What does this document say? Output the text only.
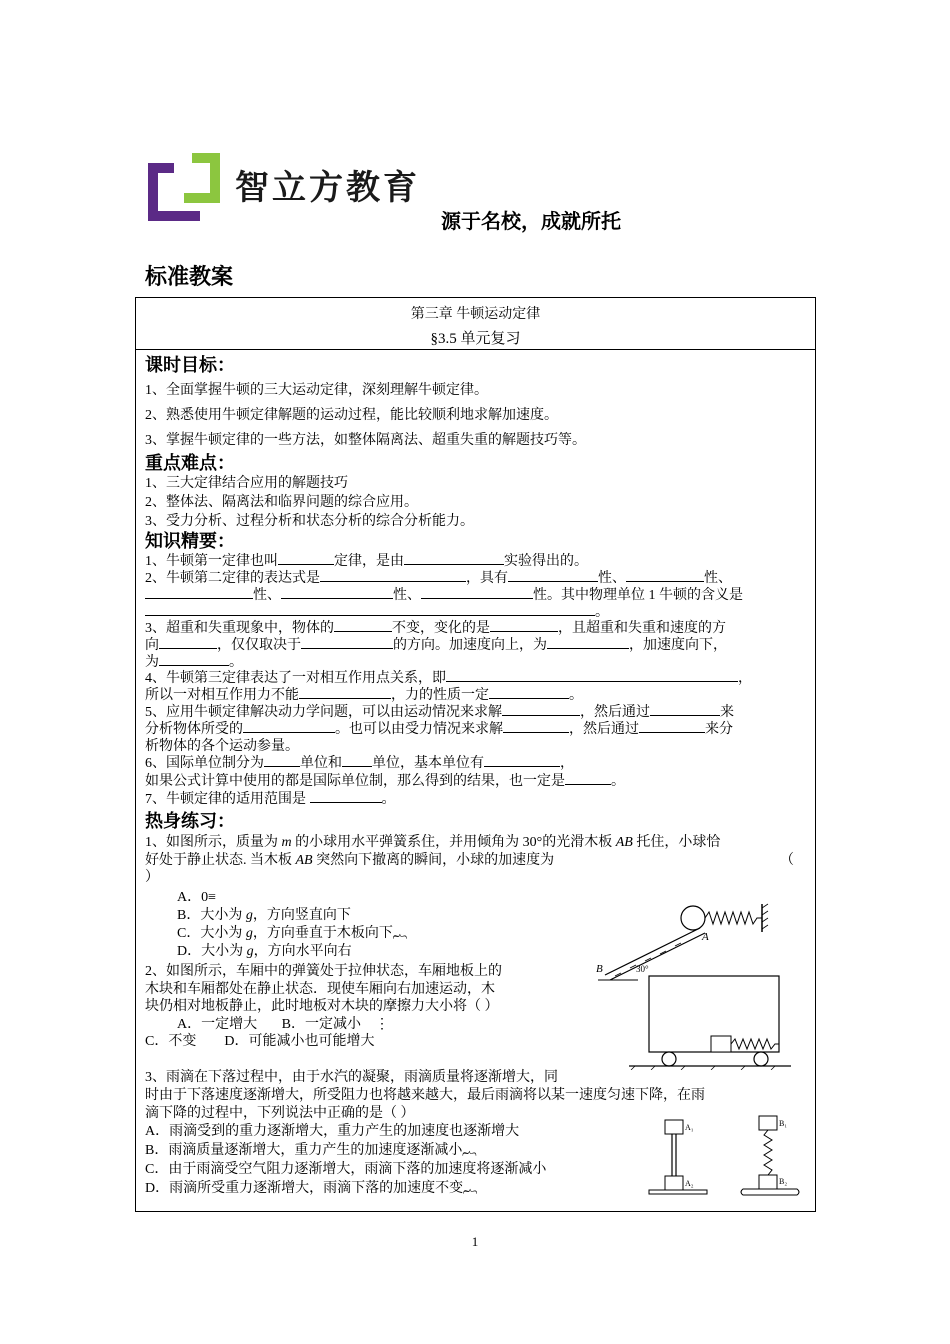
智立方教育
源于名校，成就所托
标准教案
第三章 牛顿运动定律
§3.5 单元复习
课时目标：
1、全面掌握牛顿的三大运动定律，深刻理解牛顿定律。
2、熟悉使用牛顿定律解题的运动过程，能比较顺利地求解加速度。
3、掌握牛顿定律的一些方法，如整体隔离法、超重失重的解题技巧等。
重点难点：
1、三大定律结合应用的解题技巧
2、整体法、隔离法和临界问题的综合应用。
3、受力分析、过程分析和状态分析的综合分析能力。
知识精要：
1、牛顿第一定律也叫	定律，是由	实验得出的。
2、牛顿第二定律的表达式是	，具有	性、	性、
性、	性、	性。其中物理单位 1 牛顿的含义是
。
3、超重和失重现象中，物体的	不变，变化的是	，且超重和失重和速度的方
向	，仅仅取决于	的方向。加速度向上，为	，加速度向下，
为	。
4、牛顿第三定律表达了一对相互作用点关系，即	，
所以一对相互作用力不能	，力的性质一定	。
5、应用牛顿定律解决动力学问题，可以由运动情况来求解	，然后通过	来
分析物体所受的	。也可以由受力情况来求解	，然后通过	来分
析物体的各个运动参量。
6、国际单位制分为	单位和 单位，基本单位有	，
如果公式计算中使用的都是国际单位制，那么得到的结果，也一定是	。
7、牛顿定律的适用范围是	。
热身练习：
1、如图所示，质量为 m 的小球用水平弹簧系住，并用倾角为 30°的光滑木板 AB 托住，小球恰
好处于静止状态. 当木板 AB 突然向下撤离的瞬间，小球的加速度为	（
）
A．0≡
B．大小为 g，方向竖直向下
C．大小为 g，方向垂直于木板向下︷
D．大小为 g，方向水平向右
A
B	30°
2、如图所示，车厢中的弹簧处于拉伸状态，车厢地板上的
木块和车厢都处在静止状态．现使车厢向右加速运动，木
块仍相对地板静止，此时地板对木块的摩擦力大小将（ ）
A．一定增大 B．一定减小 ⋮
C．不变 D．可能减小也可能增大
3、雨滴在下落过程中，由于水汽的凝聚，雨滴质量将逐渐增大，同
时由于下落速度逐渐增大，所受阻力也将越来越大，最后雨滴将以某一速度匀速下降，在雨
滴下降的过程中，下列说法中正确的是（ ）
A．雨滴受到的重力逐渐增大，重力产生的加速度也逐渐增大
B．雨滴质量逐渐增大，重力产生的加速度逐渐减小︷
C．由于雨滴受空气阻力逐渐增大，雨滴下落的加速度将逐渐减小
D．雨滴所受重力逐渐增大，雨滴下落的加速度不变︷
A₁
A₂
B₁
B₂
1
